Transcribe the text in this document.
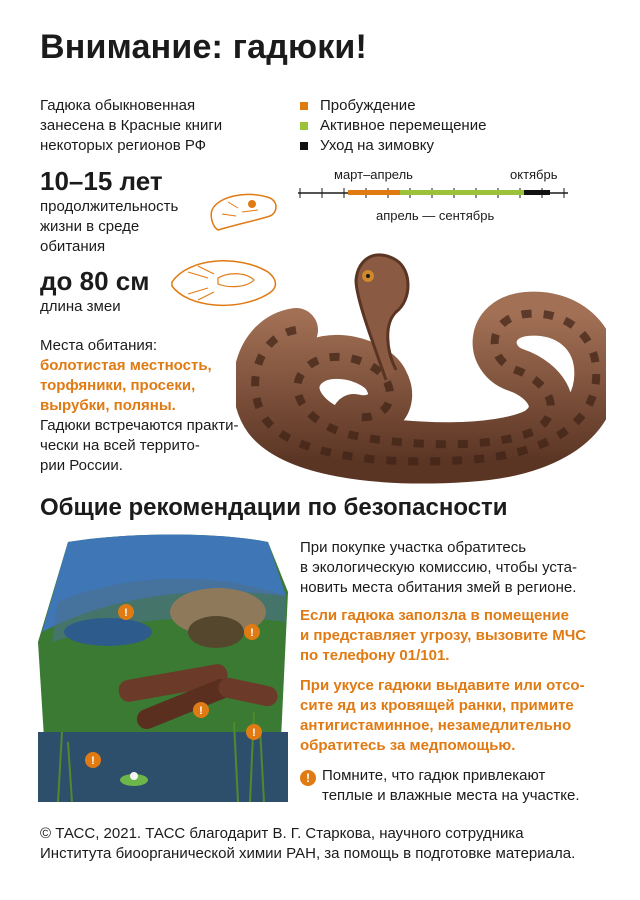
Внимание: гадюки!
Гадюка обыкновенная
занесена в Красные книги
некоторых регионов РФ
Пробуждение
Активное перемещение
Уход на зимовку
март–апрель	октябрь
апрель — сентябрь
10–15 лет
продолжительность
жизни в среде
обитания
до 80 см
длина змеи
Места обитания:
болотистая местность,
торфяники, просеки,
вырубки, поляны.
Гадюки встречаются практи-
чески на всей террито-
рии России.
Общие рекомендации по безопасности
!
!
!
!
!
При покупке участка обратитесь
в экологическую комиссию, чтобы уста-
новить места обитания змей в регионе.
Если гадюка заползла в помещение
и представляет угрозу, вызовите МЧС
по телефону 01/101.
При укусе гадюки выдавите или отсо-
сите яд из кровящей ранки, примите
антигистаминное, незамедлительно
обратитесь за медпомощью.
! Помните, что гадюк привлекают
теплые и влажные места на участке.
© ТАСС, 2021. ТАСС благодарит В. Г. Старкова, научного сотрудника
Института биоорганической химии РАН, за помощь в подготовке материала.
